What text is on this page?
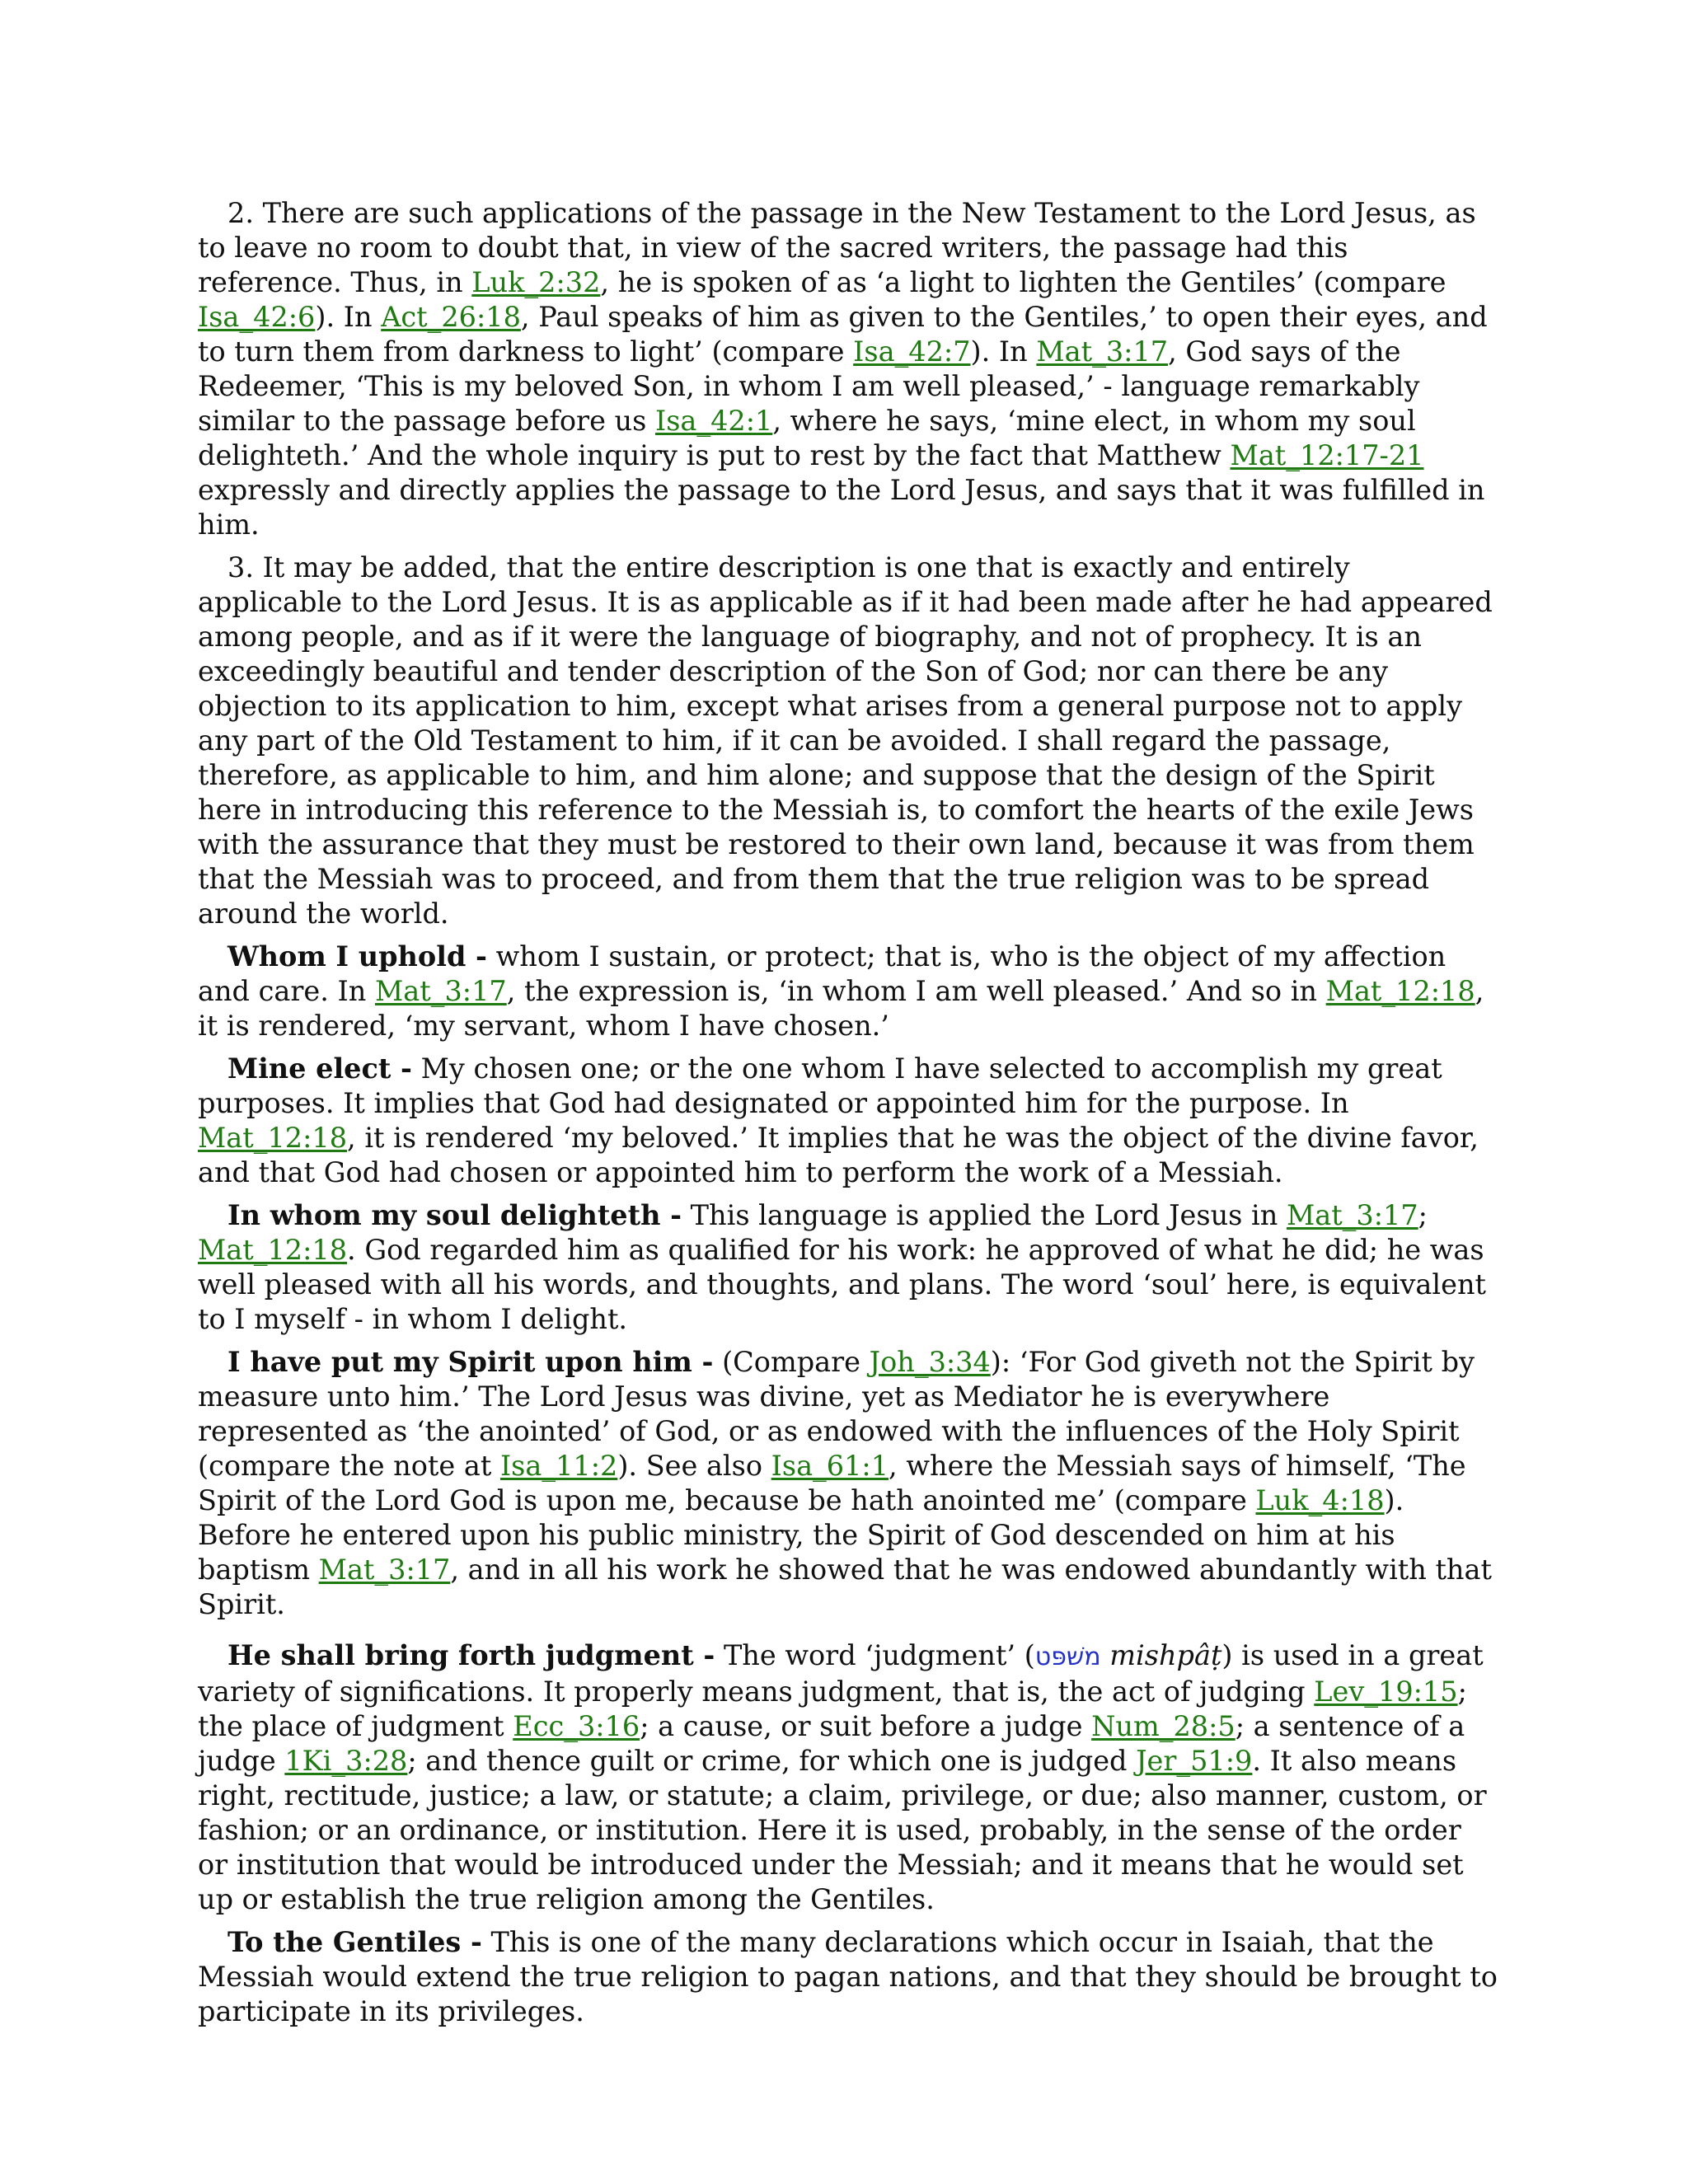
2. There are such applications of the passage in the New Testament to the Lord Jesus, as to leave no room to doubt that, in view of the sacred writers, the passage had this reference. Thus, in Luk_2:32, he is spoken of as ‘a light to lighten the Gentiles’ (compare Isa_42:6). In Act_26:18, Paul speaks of him as given to the Gentiles,’ to open their eyes, and to turn them from darkness to light’ (compare Isa_42:7). In Mat_3:17, God says of the Redeemer, ‘This is my beloved Son, in whom I am well pleased,’ - language remarkably similar to the passage before us Isa_42:1, where he says, ‘mine elect, in whom my soul delighteth.’ And the whole inquiry is put to rest by the fact that Matthew Mat_12:17-21 expressly and directly applies the passage to the Lord Jesus, and says that it was fulfilled in him.

3. It may be added, that the entire description is one that is exactly and entirely applicable to the Lord Jesus. It is as applicable as if it had been made after he had appeared among people, and as if it were the language of biography, and not of prophecy. It is an exceedingly beautiful and tender description of the Son of God; nor can there be any objection to its application to him, except what arises from a general purpose not to apply any part of the Old Testament to him, if it can be avoided. I shall regard the passage, therefore, as applicable to him, and him alone; and suppose that the design of the Spirit here in introducing this reference to the Messiah is, to comfort the hearts of the exile Jews with the assurance that they must be restored to their own land, because it was from them that the Messiah was to proceed, and from them that the true religion was to be spread around the world.

Whom I uphold - whom I sustain, or protect; that is, who is the object of my affection and care. In Mat_3:17, the expression is, ‘in whom I am well pleased.’ And so in Mat_12:18, it is rendered, ‘my servant, whom I have chosen.’

Mine elect - My chosen one; or the one whom I have selected to accomplish my great purposes. It implies that God had designated or appointed him for the purpose. In Mat_12:18, it is rendered ‘my beloved.’ It implies that he was the object of the divine favor, and that God had chosen or appointed him to perform the work of a Messiah.

In whom my soul delighteth - This language is applied the Lord Jesus in Mat_3:17; Mat_12:18. God regarded him as qualified for his work: he approved of what he did; he was well pleased with all his words, and thoughts, and plans. The word ‘soul’ here, is equivalent to I myself - in whom I delight.

I have put my Spirit upon him - (Compare Joh_3:34): ‘For God giveth not the Spirit by measure unto him.’ The Lord Jesus was divine, yet as Mediator he is everywhere represented as ‘the anointed’ of God, or as endowed with the influences of the Holy Spirit (compare the note at Isa_11:2). See also Isa_61:1, where the Messiah says of himself, ‘The Spirit of the Lord God is upon me, because be hath anointed me’ (compare Luk_4:18). Before he entered upon his public ministry, the Spirit of God descended on him at his baptism Mat_3:17, and in all his work he showed that he was endowed abundantly with that Spirit.

He shall bring forth judgment - The word ‘judgment’ (משׁפּט mishpâṭ) is used in a great variety of significations. It properly means judgment, that is, the act of judging Lev_19:15; the place of judgment Ecc_3:16; a cause, or suit before a judge Num_28:5; a sentence of a judge 1Ki_3:28; and thence guilt or crime, for which one is judged Jer_51:9. It also means right, rectitude, justice; a law, or statute; a claim, privilege, or due; also manner, custom, or fashion; or an ordinance, or institution. Here it is used, probably, in the sense of the order or institution that would be introduced under the Messiah; and it means that he would set up or establish the true religion among the Gentiles.

To the Gentiles - This is one of the many declarations which occur in Isaiah, that the Messiah would extend the true religion to pagan nations, and that they should be brought to participate in its privileges.
